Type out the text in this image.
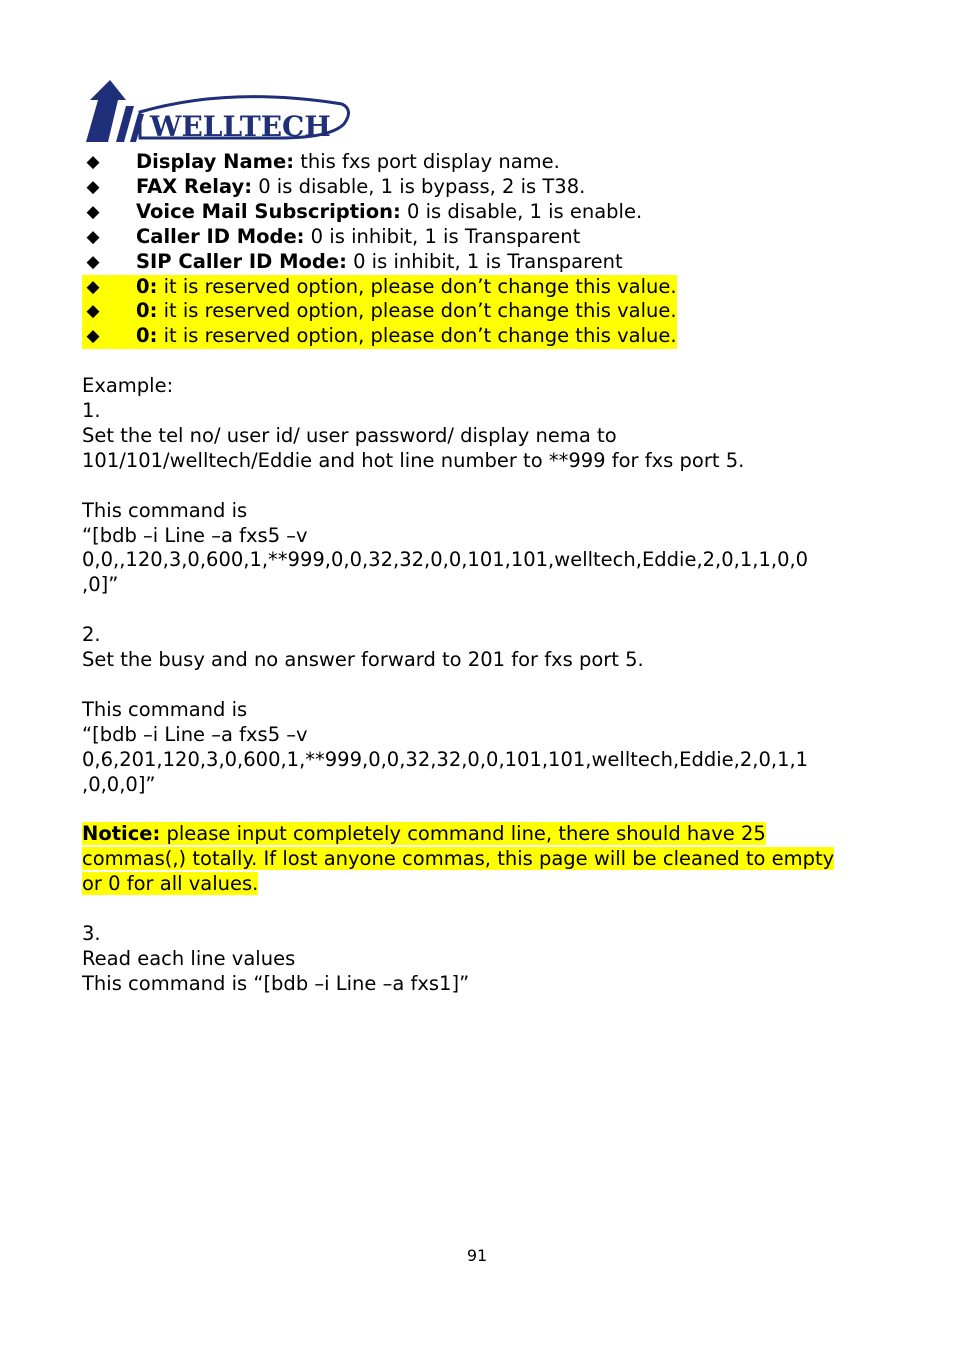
WELLTECH
◆ Display Name: this fxs port display name.
◆ FAX Relay: 0 is disable, 1 is bypass, 2 is T38.
◆ Voice Mail Subscription: 0 is disable, 1 is enable.
◆ Caller ID Mode: 0 is inhibit, 1 is Transparent
◆ SIP Caller ID Mode: 0 is inhibit, 1 is Transparent
◆ 0: it is reserved option, please don’t change this value.
◆ 0: it is reserved option, please don’t change this value.
◆ 0: it is reserved option, please don’t change this value.
Example:
1.
Set the tel no/ user id/ user password/ display nema to
101/101/welltech/Eddie and hot line number to **999 for fxs port 5.
This command is
“[bdb –i Line –a fxs5 –v
0,0,,120,3,0,600,1,**999,0,0,32,32,0,0,101,101,welltech,Eddie,2,0,1,1,0,0
,0]”
2.
Set the busy and no answer forward to 201 for fxs port 5.
This command is
“[bdb –i Line –a fxs5 –v
0,6,201,120,3,0,600,1,**999,0,0,32,32,0,0,101,101,welltech,Eddie,2,0,1,1
,0,0,0]”
Notice: please input completely command line, there should have 25
commas(,) totally. If lost anyone commas, this page will be cleaned to empty
or 0 for all values.
3.
Read each line values
This command is “[bdb –i Line –a fxs1]”
91
